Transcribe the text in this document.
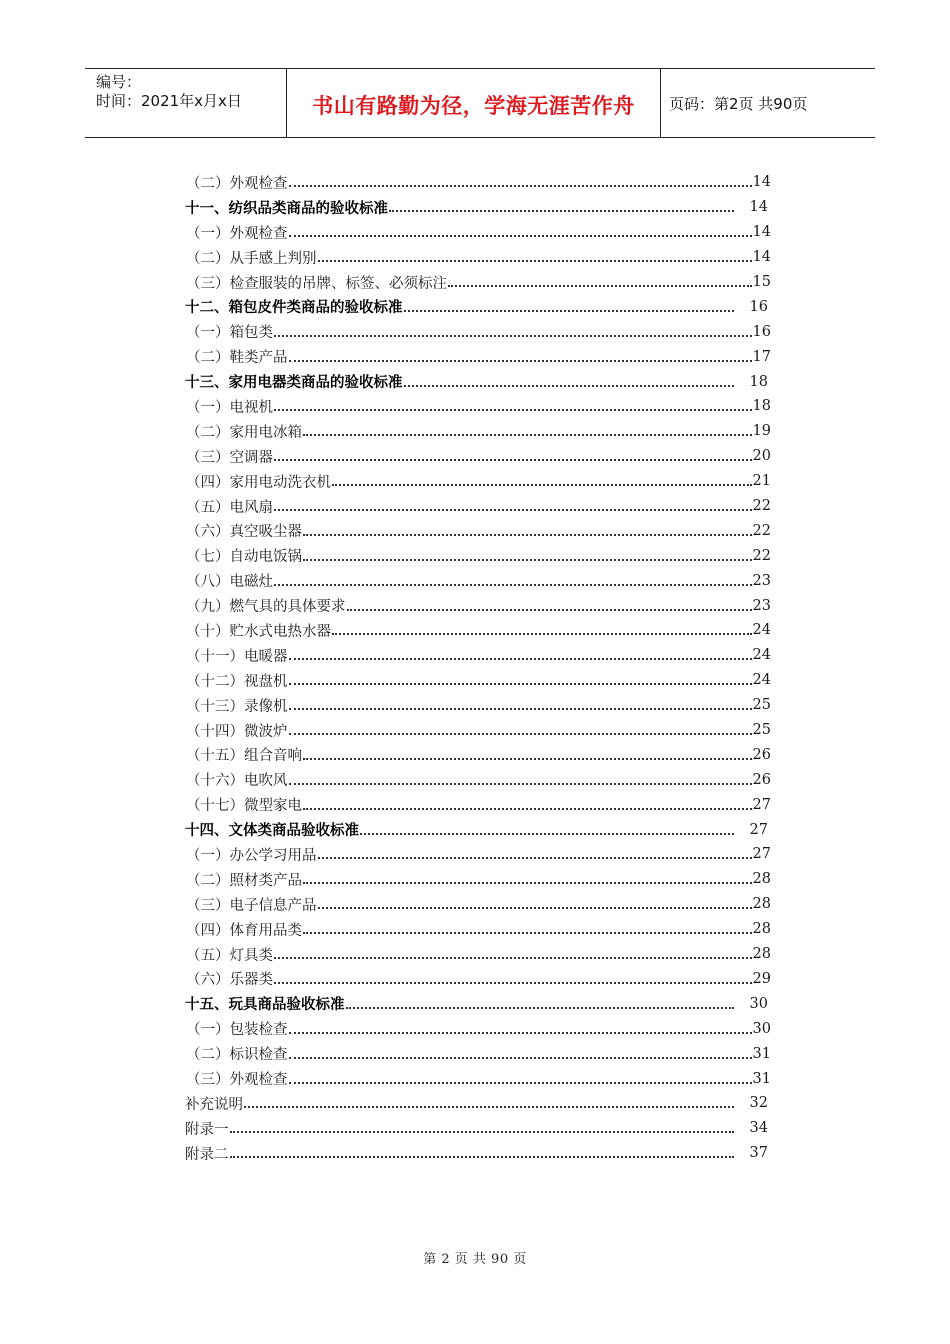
编号：
时间：2021年x月x日	书山有路勤为径，学海无涯苦作舟 页码：第2页 共90页
（二）外观检查	14
十一、纺织品类商品的验收标准	14
（一）外观检查	14
（二）从手感上判别	14
（三）检查服装的吊牌、标签、必须标注	15
十二、箱包皮件类商品的验收标准	16
（一）箱包类	16
（二）鞋类产品	17
十三、家用电器类商品的验收标准	18
（一）电视机	18
（二）家用电冰箱	19
（三）空调器	20
（四）家用电动洗衣机	21
（五）电风扇	22
（六）真空吸尘器	22
（七）自动电饭锅	22
（八）电磁灶	23
（九）燃气具的具体要求	23
（十）贮水式电热水器	24
（十一）电暖器	24
（十二）视盘机	24
（十三）录像机	25
（十四）微波炉	25
（十五）组合音响	26
（十六）电吹风	26
（十七）微型家电	27
十四、文体类商品验收标准	27
（一）办公学习用品	27
（二）照材类产品	28
（三）电子信息产品	28
（四）体育用品类	28
（五）灯具类	28
（六）乐器类	29
十五、玩具商品验收标准	30
（一）包装检查	30
（二）标识检查	31
（三）外观检查	31
补充说明	32
附录一	34
附录二	37
第 2 页 共 90 页
